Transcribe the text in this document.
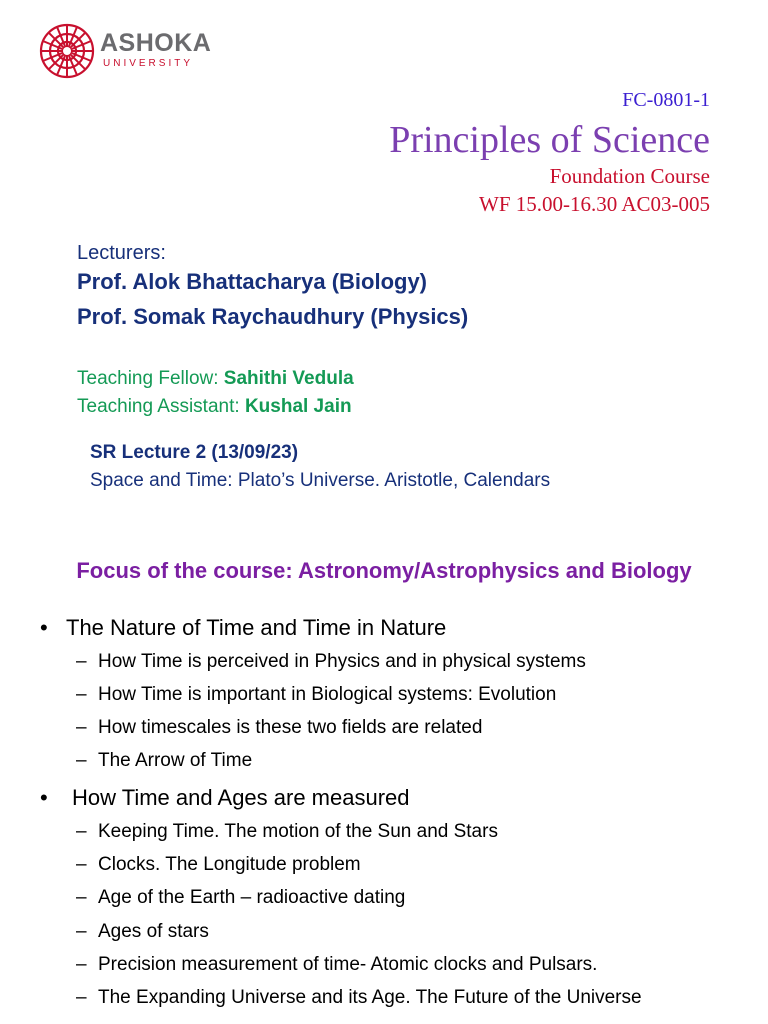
ASHOKA
UNIVERSITY
FC-0801-1
Principles of Science
Foundation Course
WF 15.00-16.30 AC03-005
Lecturers:
Prof. Alok Bhattacharya (Biology)
Prof. Somak Raychaudhury (Physics)
Teaching Fellow: Sahithi Vedula
Teaching Assistant: Kushal Jain
SR Lecture 2 (13/09/23)
Space and Time: Plato’s Universe. Aristotle, Calendars
Focus of the course: Astronomy/Astrophysics and Biology
• The Nature of Time and Time in Nature
– How Time is perceived in Physics and in physical systems
– How Time is important in Biological systems: Evolution
– How timescales is these two fields are related
– The Arrow of Time
• How Time and Ages are measured
– Keeping Time. The motion of the Sun and Stars
– Clocks. The Longitude problem
– Age of the Earth – radioactive dating
– Ages of stars
– Precision measurement of time- Atomic clocks and Pulsars.
– The Expanding Universe and its Age. The Future of the Universe
